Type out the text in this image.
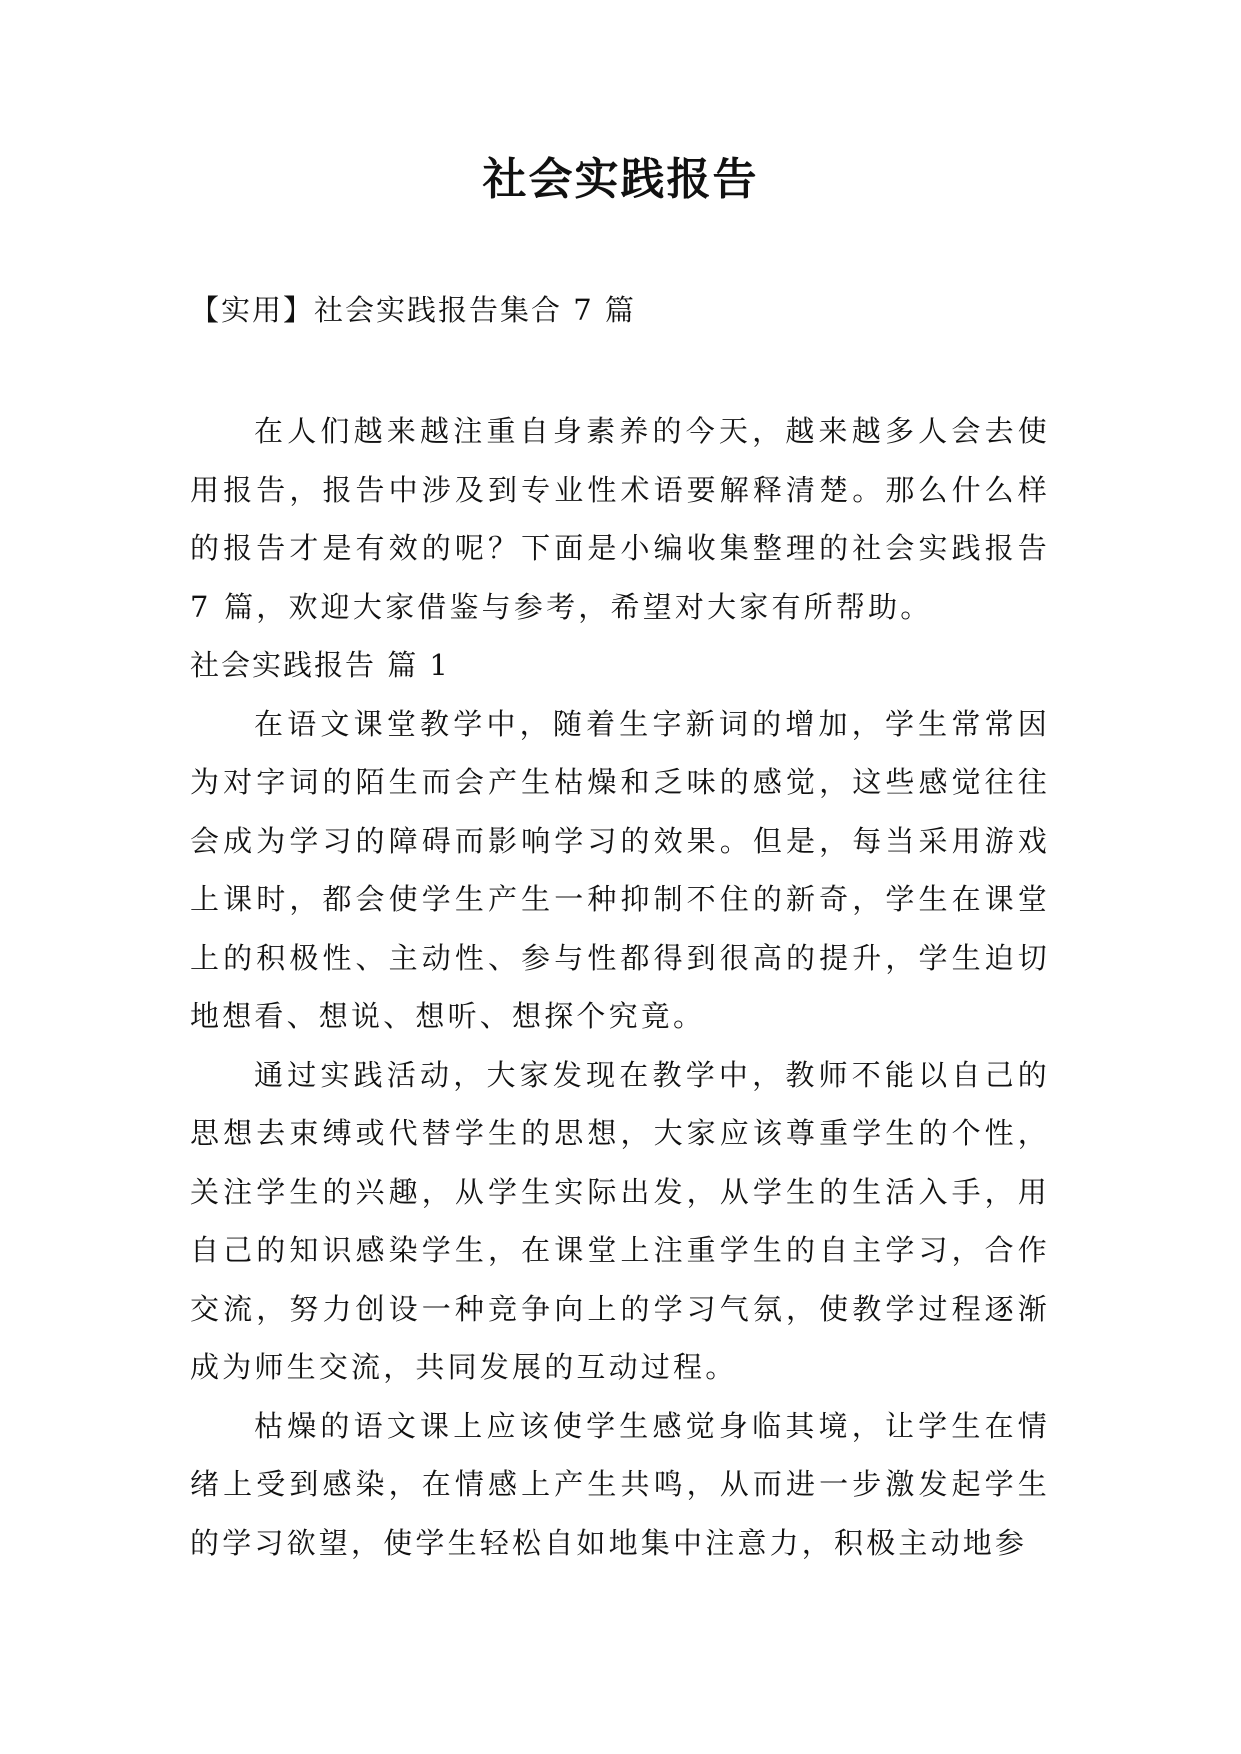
社会实践报告
【实用】社会实践报告集合 7 篇

在人们越来越注重自身素养的今天，越来越多人会去使用报告，报告中涉及到专业性术语要解释清楚。那么什么样的报告才是有效的呢？下面是小编收集整理的社会实践报告 7 篇，欢迎大家借鉴与参考，希望对大家有所帮助。

社会实践报告 篇 1

在语文课堂教学中，随着生字新词的增加，学生常常因为对字词的陌生而会产生枯燥和乏味的感觉，这些感觉往往会成为学习的障碍而影响学习的效果。但是，每当采用游戏上课时，都会使学生产生一种抑制不住的新奇，学生在课堂上的积极性、主动性、参与性都得到很高的提升，学生迫切地想看、想说、想听、想探个究竟。

通过实践活动，大家发现在教学中，教师不能以自己的思想去束缚或代替学生的思想，大家应该尊重学生的个性，关注学生的兴趣，从学生实际出发，从学生的生活入手，用自己的知识感染学生，在课堂上注重学生的自主学习，合作交流，努力创设一种竞争向上的学习气氛，使教学过程逐渐成为师生交流，共同发展的互动过程。

枯燥的语文课上应该使学生感觉身临其境，让学生在情绪上受到感染，在情感上产生共鸣，从而进一步激发起学生的学习欲望，使学生轻松自如地集中注意力，积极主动地参
